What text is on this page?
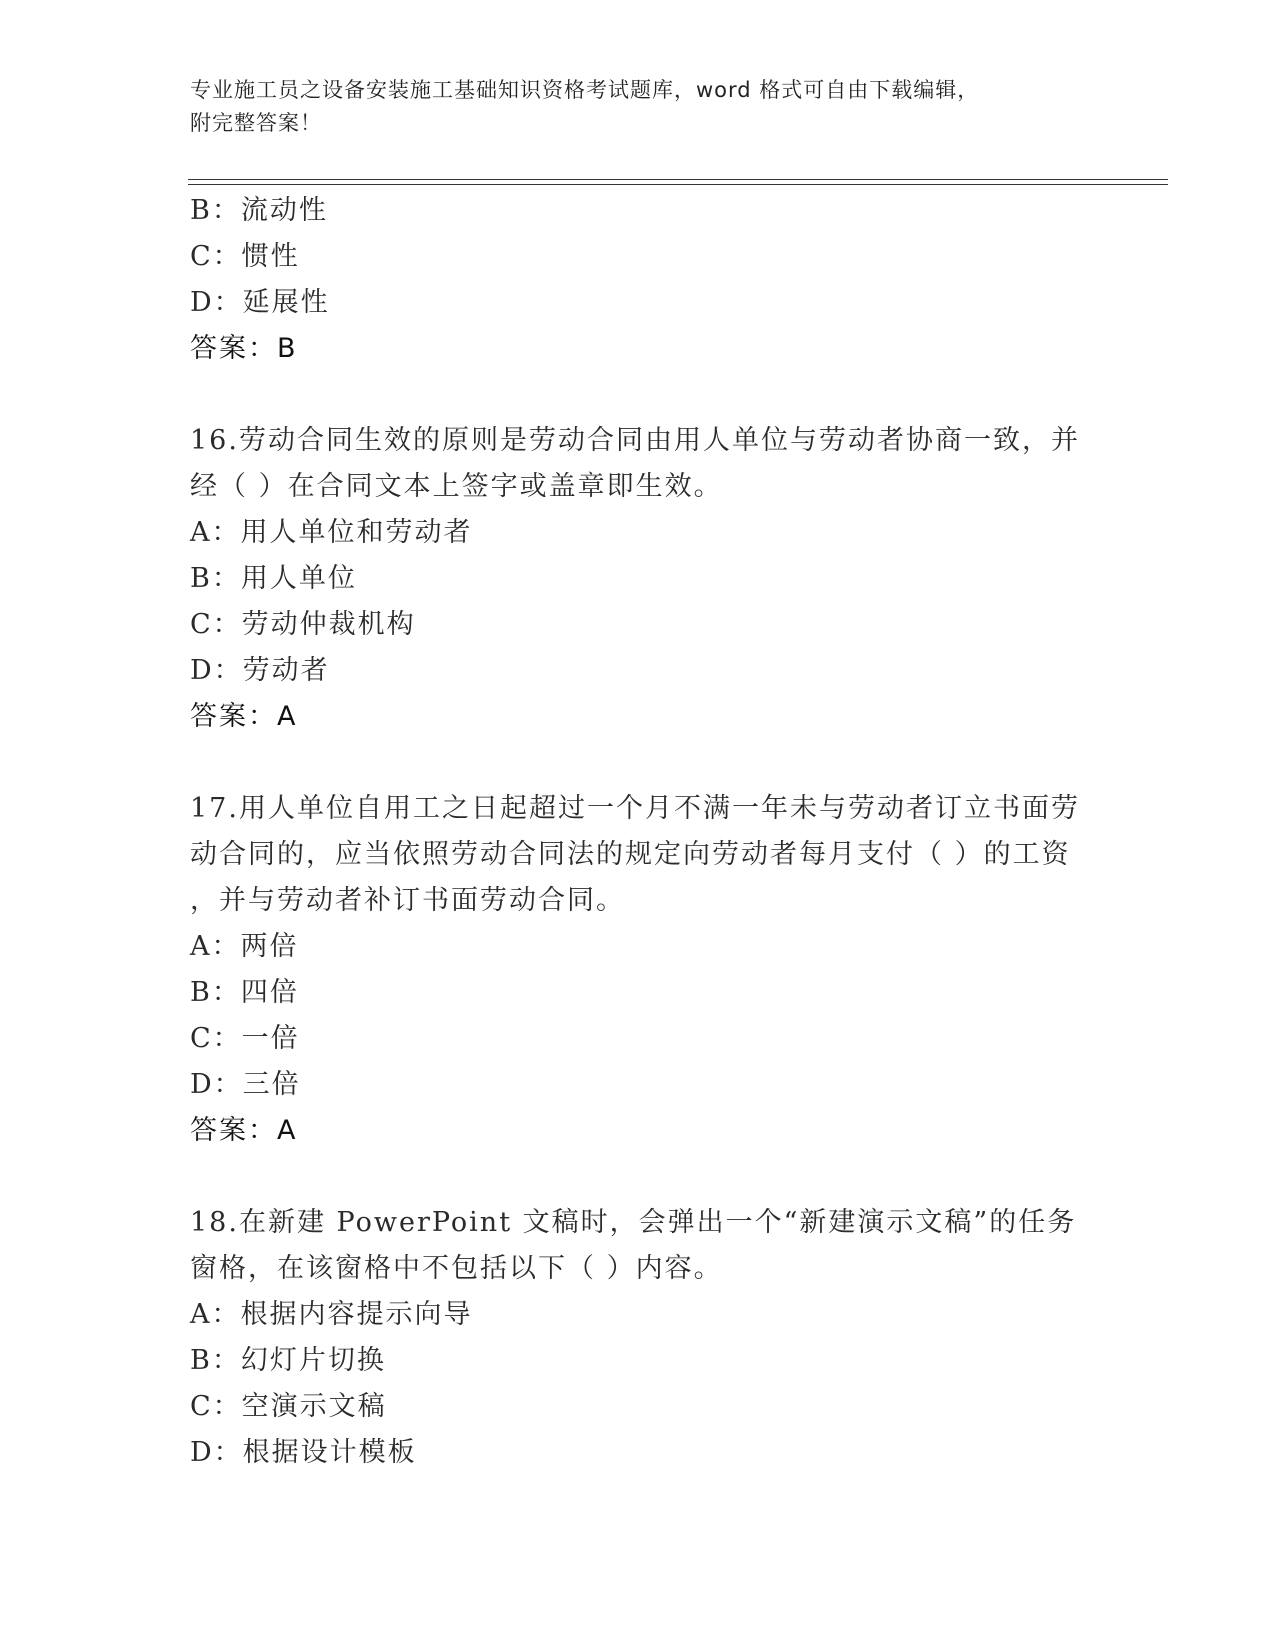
专业施工员之设备安装施工基础知识资格考试题库，word 格式可自由下载编辑，
附完整答案！
B：流动性
C：惯性
D：延展性
答案：B
16.劳动合同生效的原则是劳动合同由用人单位与劳动者协商一致，并
经（ ）在合同文本上签字或盖章即生效。
A：用人单位和劳动者
B：用人单位
C：劳动仲裁机构
D：劳动者
答案：A
17.用人单位自用工之日起超过一个月不满一年未与劳动者订立书面劳
动合同的，应当依照劳动合同法的规定向劳动者每月支付（ ）的工资
，并与劳动者补订书面劳动合同。
A：两倍
B：四倍
C：一倍
D：三倍
答案：A
18.在新建 PowerPoint 文稿时，会弹出一个“新建演示文稿”的任务
窗格，在该窗格中不包括以下（ ）内容。
A：根据内容提示向导
B：幻灯片切换
C：空演示文稿
D：根据设计模板
